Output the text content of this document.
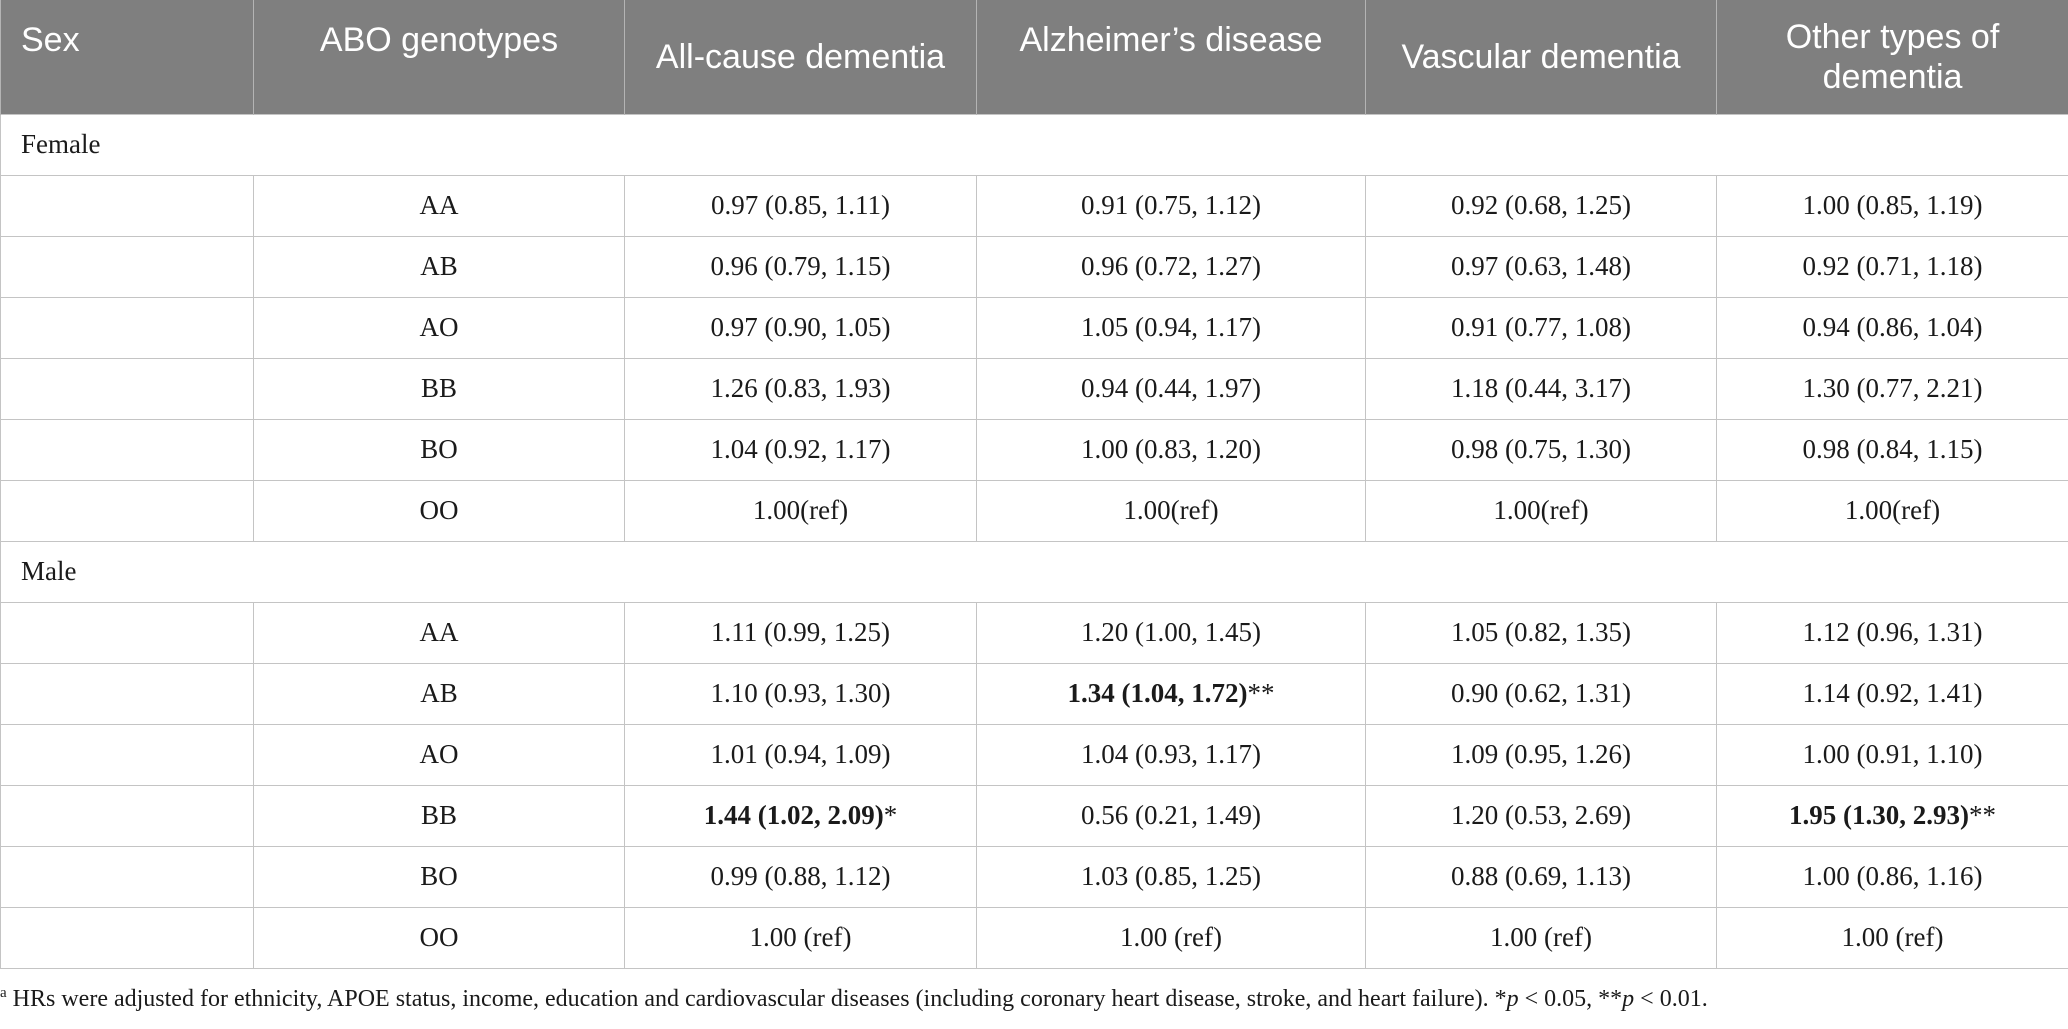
Sex	ABO genotypes	All-cause dementia	Alzheimer’s disease	Vascular dementia	Other types of dementia
Female					
	AA	0.97 (0.85, 1.11)	0.91 (0.75, 1.12)	0.92 (0.68, 1.25)	1.00 (0.85, 1.19)
	AB	0.96 (0.79, 1.15)	0.96 (0.72, 1.27)	0.97 (0.63, 1.48)	0.92 (0.71, 1.18)
	AO	0.97 (0.90, 1.05)	1.05 (0.94, 1.17)	0.91 (0.77, 1.08)	0.94 (0.86, 1.04)
	BB	1.26 (0.83, 1.93)	0.94 (0.44, 1.97)	1.18 (0.44, 3.17)	1.30 (0.77, 2.21)
	BO	1.04 (0.92, 1.17)	1.00 (0.83, 1.20)	0.98 (0.75, 1.30)	0.98 (0.84, 1.15)
	OO	1.00(ref)	1.00(ref)	1.00(ref)	1.00(ref)
Male					
	AA	1.11 (0.99, 1.25)	1.20 (1.00, 1.45)	1.05 (0.82, 1.35)	1.12 (0.96, 1.31)
	AB	1.10 (0.93, 1.30)	1.34 (1.04, 1.72)**	0.90 (0.62, 1.31)	1.14 (0.92, 1.41)
	AO	1.01 (0.94, 1.09)	1.04 (0.93, 1.17)	1.09 (0.95, 1.26)	1.00 (0.91, 1.10)
	BB	1.44 (1.02, 2.09)*	0.56 (0.21, 1.49)	1.20 (0.53, 2.69)	1.95 (1.30, 2.93)**
	BO	0.99 (0.88, 1.12)	1.03 (0.85, 1.25)	0.88 (0.69, 1.13)	1.00 (0.86, 1.16)
	OO	1.00 (ref)	1.00 (ref)	1.00 (ref)	1.00 (ref)
$^a$ HRs were adjusted for ethnicity, APOE status, income, education and cardiovascular diseases (including coronary heart disease, stroke, and heart failure). *p < 0.05, **p < 0.01.
